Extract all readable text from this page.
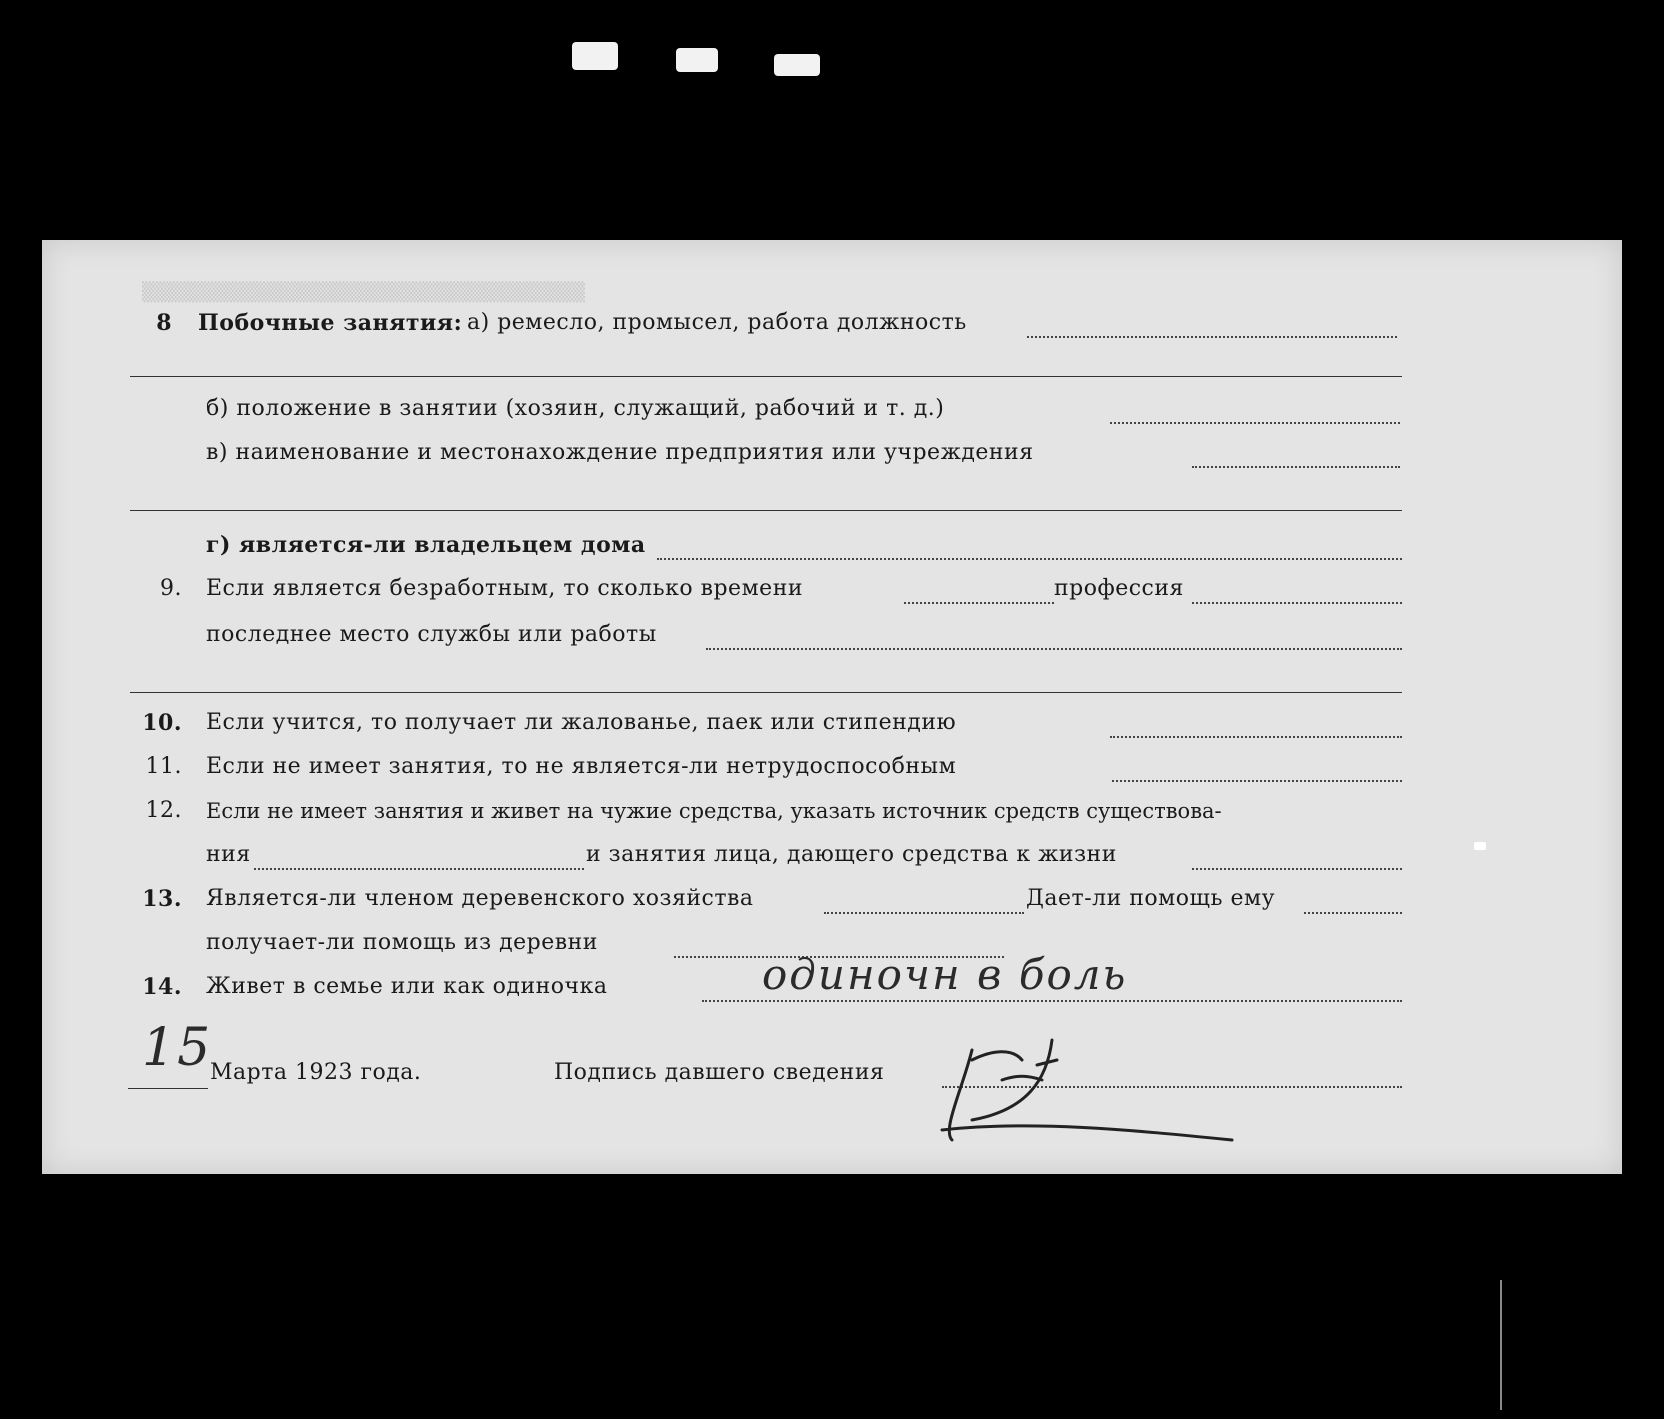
▒▒▒▒▒▒▒▒▒▒▒▒▒▒▒▒▒▒▒▒▒▒▒▒▒▒▒▒▒▒▒▒
8 Побочные занятия: а) ремесло, промысел, работа должность
б) положение в занятии (хозяин, служащий, рабочий и т. д.)
в) наименование и местонахождение предприятия или учреждения
г) является-ли владельцем дома
9. Если является безработным, то сколько времени	профессия
последнее место службы или работы
10. Если учится, то получает ли жалованье, паек или стипендию
11. Если не имеет занятия, то не является-ли нетрудоспособным
12. Если не имеет занятия и живет на чужие средства, указать источник средств существова-
ния	и занятия лица, дающего средства к жизни
13. Является-ли членом деревенского хозяйства	Дает-ли помощь ему
получает-ли помощь из деревни
14. Живет в семье или как одиночка	одиночн в боль
15
Марта 1923 года.	Подпись давшего сведения
